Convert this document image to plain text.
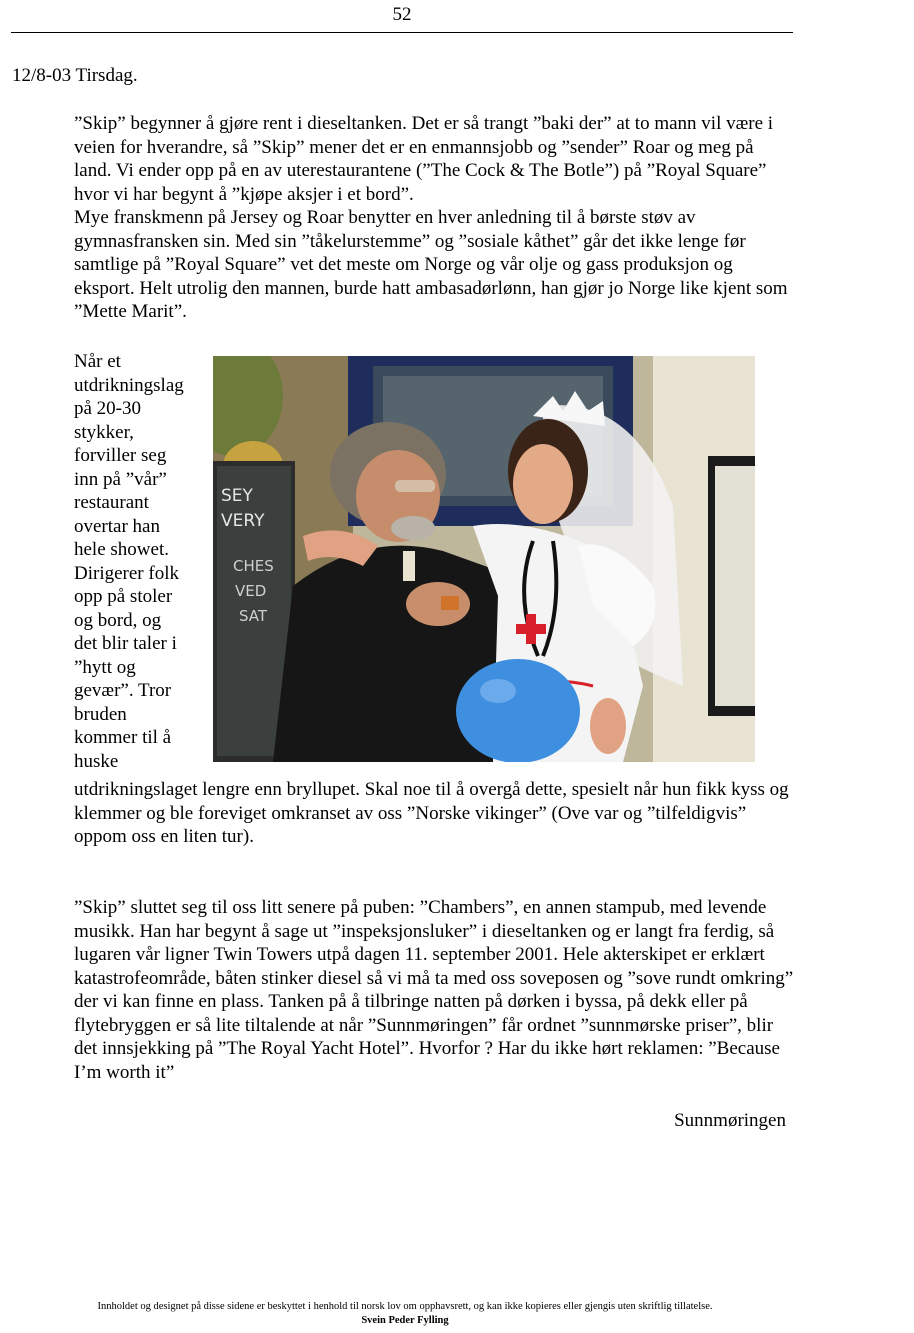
52
12/8-03 Tirsdag.

”Skip” begynner å gjøre rent i dieseltanken. Det er så trangt ”baki der” at to mann vil være i veien for hverandre, så ”Skip” mener det er en enmannsjobb og ”sender” Roar og meg på land. Vi ender opp på en av uterestaurantene (”The Cock & The Botle”) på ”Royal Square” hvor vi har begynt å ”kjøpe aksjer i et bord”.

Mye franskmenn på Jersey og Roar benytter en hver anledning til å børste støv av gymnasfransken sin. Med sin ”tåkelurstemme” og ”sosiale kåthet” går det ikke lenge før samtlige på ”Royal Square” vet det meste om Norge og vår olje og gass produksjon og eksport. Helt utrolig den mannen, burde hatt ambasadørlønn, han gjør jo Norge like kjent som ”Mette Marit”.

Når et
utdrikningslag
på 20-30
stykker,
forviller seg
inn på ”vår”
restaurant
overtar han
hele showet.
Dirigerer folk
opp på stoler
og bord, og
det blir taler i
”hytt og
gevær”. Tror
bruden
kommer til å
huske

SEY
VERY
CHES
VED
SAT

utdrikningslaget lengre enn bryllupet. Skal noe til å overgå dette, spesielt når hun fikk kyss og klemmer og ble foreviget omkranset av oss ”Norske vikinger” (Ove var og ”tilfeldigvis” oppom oss en liten tur).

”Skip” sluttet seg til oss litt senere på puben: ”Chambers”, en annen stampub, med levende musikk. Han har begynt å sage ut ”inspeksjonsluker” i dieseltanken og er langt fra ferdig, så lugaren vår ligner Twin Towers utpå dagen 11. september 2001. Hele akterskipet er erklært katastrofeområde, båten stinker diesel så vi må ta med oss soveposen og ”sove rundt omkring” der vi kan finne en plass. Tanken på å tilbringe natten på dørken i byssa, på dekk eller på flytebryggen er så lite tiltalende at når ”Sunnmøringen” får ordnet ”sunnmørske priser”, blir det innsjekking på ”The Royal Yacht Hotel”. Hvorfor ? Har du ikke hørt reklamen: ”Because I’m worth it”

Sunnmøringen
Innholdet og designet på disse sidene er beskyttet i henhold til norsk lov om opphavsrett, og kan ikke kopieres eller gjengis uten skriftlig tillatelse.
Svein Peder Fylling
